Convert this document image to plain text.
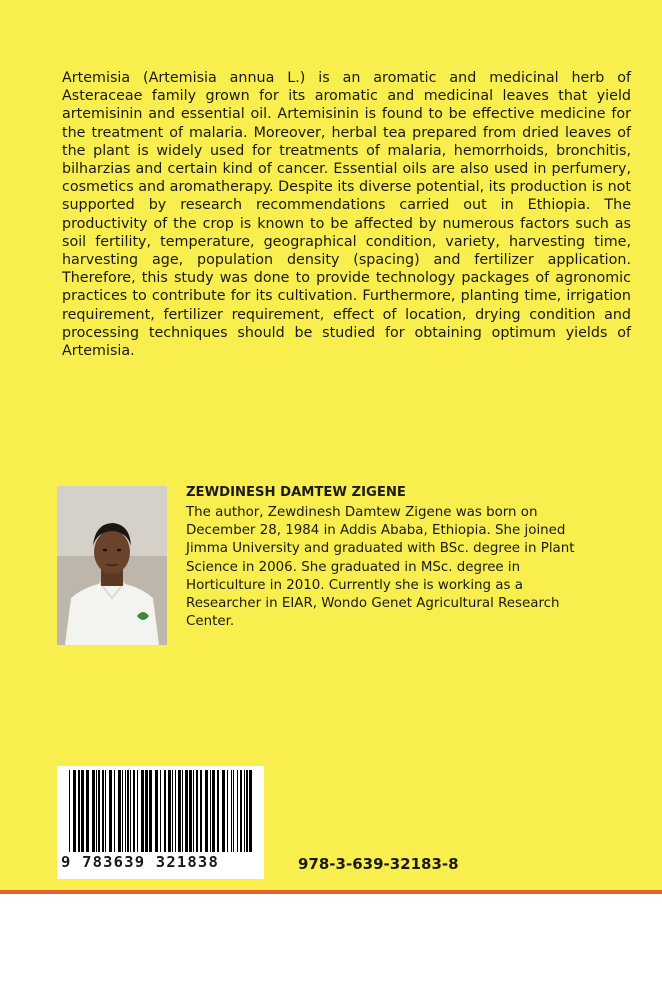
Artemisia (Artemisia annua L.) is an aromatic and medicinal herb of Asteraceae family grown for its aromatic and medicinal leaves that yield artemisinin and essential oil. Artemisinin is found to be effective medicine for the treatment of malaria. Moreover, herbal tea prepared from dried leaves of the plant is widely used for treatments of malaria, hemorrhoids, bronchitis, bilharzias and certain kind of cancer. Essential oils are also used in perfumery, cosmetics and aromatherapy. Despite its diverse potential, its production is not supported by research recommendations carried out in Ethiopia. The productivity of the crop is known to be affected by numerous factors such as soil fertility, temperature, geographical condition, variety, harvesting time, harvesting age, population density (spacing) and fertilizer application. Therefore, this study was done to provide technology packages of agronomic practices to contribute for its cultivation. Furthermore, planting time, irrigation requirement, fertilizer requirement, effect of location, drying condition and processing techniques should be studied for obtaining optimum yields of Artemisia.

ZEWDINESH DAMTEW ZIGENE

The author, Zewdinesh Damtew Zigene was born on December 28, 1984 in Addis Ababa, Ethiopia. She joined Jimma University and graduated with BSc. degree in Plant Science in 2006. She graduated in MSc. degree in Horticulture in 2010. Currently she is working as a Researcher in EIAR, Wondo Genet Agricultural Research Center.

9 783639 321838	978-3-639-32183-8
